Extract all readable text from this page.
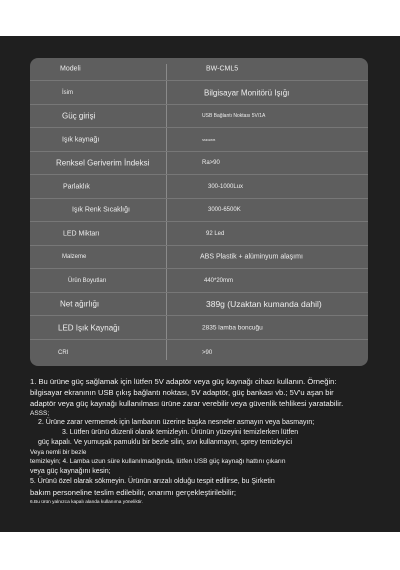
Modeli	BW-CML5
İsim	Bilgisayar Monitörü Işığı
Güç girişi	USB Bağlantı Noktası 5V/1A
Işık kaynağı	SMD2835
Renksel Geriverim İndeksi	Ra>90
Parlaklık	300-1000Lux
Işık Renk Sıcaklığı	3000-6500K
LED Miktarı	92 Led
Malzeme	ABS Plastik + alüminyum alaşımı
Ürün Boyutları	440*20mm
Net ağırlığı	389g (Uzaktan kumanda dahil)
LED Işık Kaynağı	2835 lamba boncuğu
CRI	>90

1. Bu ürüne güç sağlamak için lütfen 5V adaptör veya güç kaynağı cihazı kullanın. Örneğin:

bilgisayar ekranının USB çıkış bağlantı noktası, 5V adaptör, güç bankası vb.; 5V'u aşan bir

adaptör veya güç kaynağı kullanılması ürüne zarar verebilir veya güvenlik tehlikesi yaratabilir.

ASSS;

2. Ürüne zarar vermemek için lambanın üzerine başka nesneler asmayın veya basmayın;

3. Lütfen ürünü düzenli olarak temizleyin. Ürünün yüzeyini temizlerken lütfen

güç kapalı. Ve yumuşak pamuklu bir bezle silin, sıvı kullanmayın, sprey temizleyici

Veya nemli bir bezle

temizleyin; 4. Lamba uzun süre kullanılmadığında, lütfen USB güç kaynağı hattını çıkarın

veya güç kaynağını kesin;

5. Ürünü özel olarak sökmeyin. Ürünün arızalı olduğu tespit edilirse, bu Şirketin

bakım personeline teslim edilebilir, onarımı gerçekleştirilebilir;

6.Bu ürün yalnızca kapalı alanda kullanıma yöneliktir.
